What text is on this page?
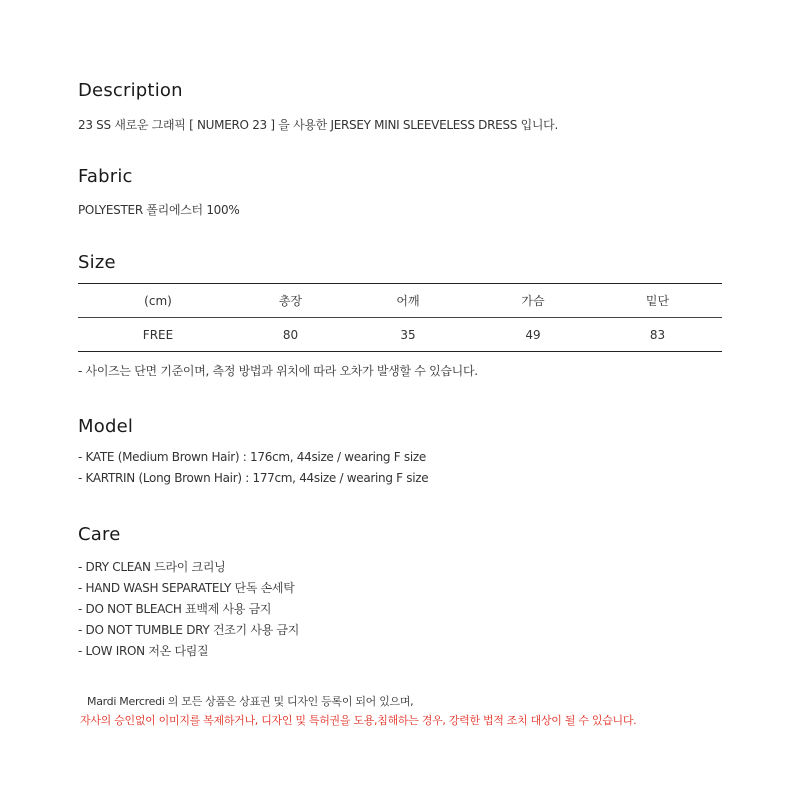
Description
23 SS 새로운 그래픽 [ NUMERO 23 ] 을 사용한 JERSEY MINI SLEEVELESS DRESS 입니다.
Fabric
POLYESTER 폴리에스터 100%
Size
(cm)	총장	어깨	가슴	밑단
FREE	80	35	49	83
- 사이즈는 단면 기준이며, 측정 방법과 위치에 따라 오차가 발생할 수 있습니다.
Model
- KATE (Medium Brown Hair) : 176cm, 44size / wearing F size
- KARTRIN (Long Brown Hair) : 177cm, 44size / wearing F size
Care
- DRY CLEAN 드라이 크리닝
- HAND WASH SEPARATELY 단독 손세탁
- DO NOT BLEACH 표백제 사용 금지
- DO NOT TUMBLE DRY 건조기 사용 금지
- LOW IRON 저온 다림질
Mardi Mercredi 의 모든 상품은 상표권 및 디자인 등록이 되어 있으며,
자사의 승인없이 이미지를 복제하거나, 디자인 및 특허권을 도용,침해하는 경우, 강력한 법적 조치 대상이 될 수 있습니다.
